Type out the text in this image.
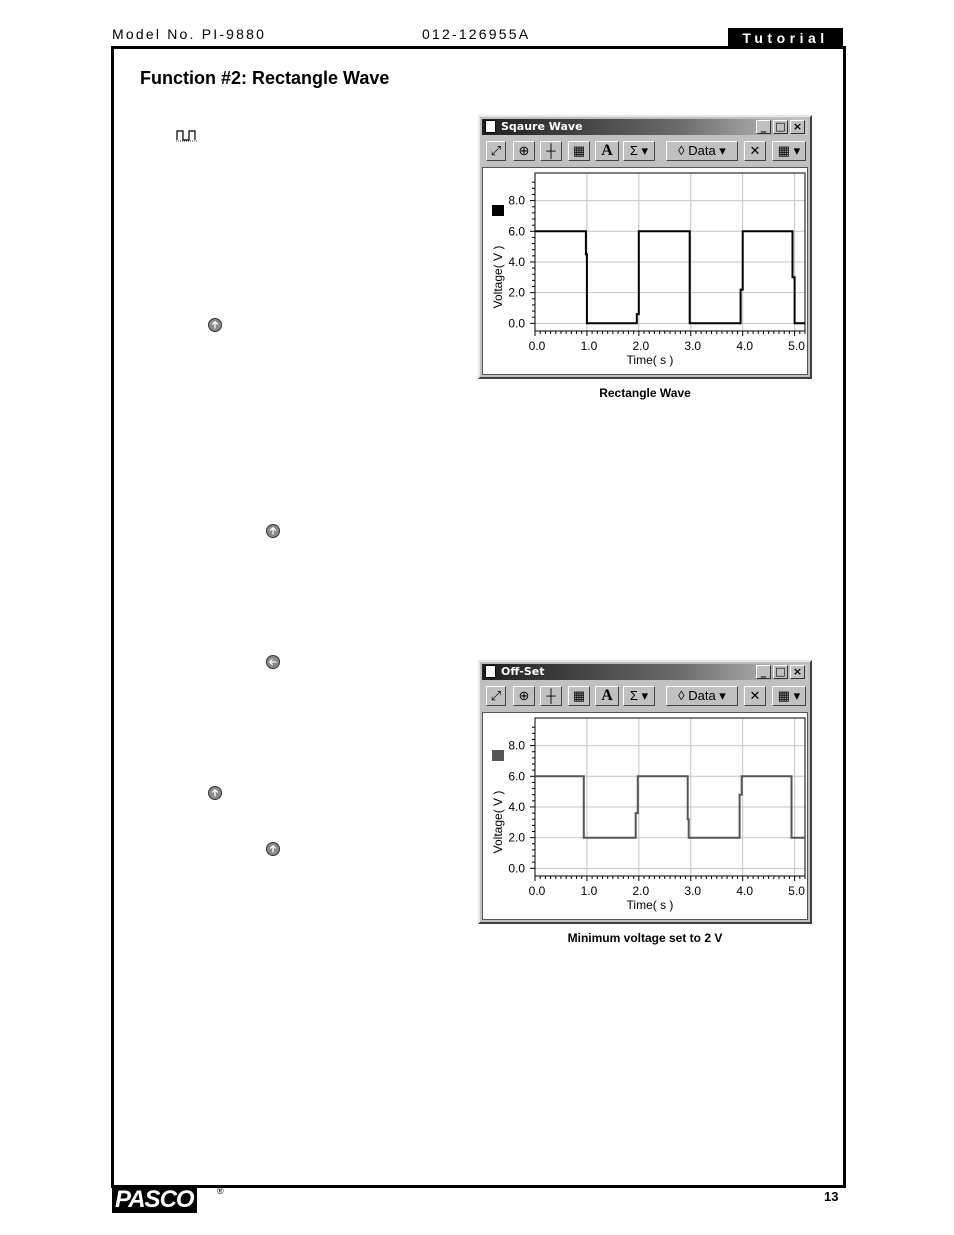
Model No. PI-9880	012-126955A	Tutorial
Function #2: Rectangle Wave
Sqaure Wave	_ □ ×
⤢	⊕	┼	▦	A	Σ ▾	◊ Data ▾	✕	▦ ▾
0.0	1.0	2.0	3.0	4.0	5.0
0.0
2.0
4.0
6.0
8.0
Time( s )
Voltage( V )
Rectangle Wave
Off-Set	_ □ ×
⤢	⊕	┼	▦	A	Σ ▾	◊ Data ▾	✕	▦ ▾
0.0	1.0	2.0	3.0	4.0	5.0
0.0
2.0
4.0
6.0
8.0
Time( s )
Voltage( V )
Minimum voltage set to 2 V
PASCO	®	13
